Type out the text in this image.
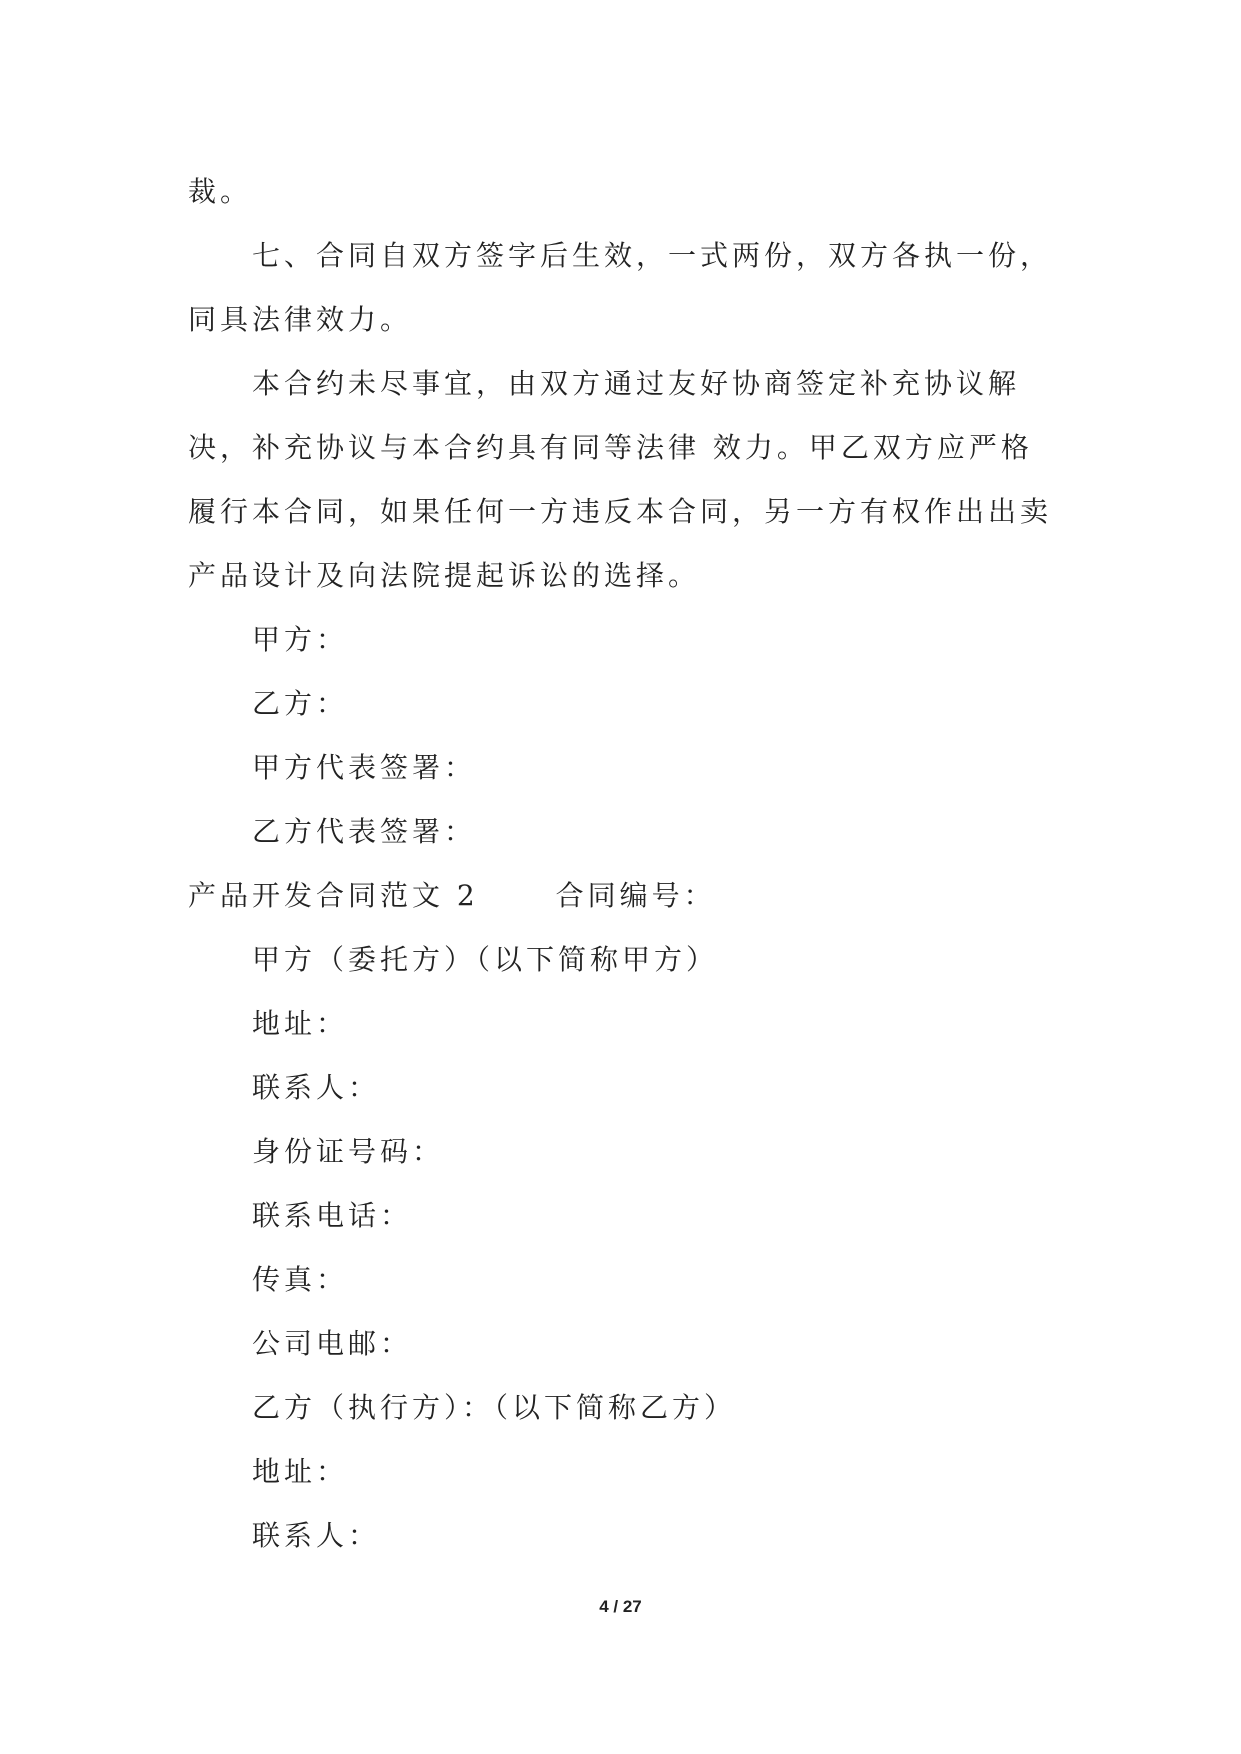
裁。

七、合同自双方签字后生效，一式两份，双方各执一份，同具法律效力。

本合约未尽事宜，由双方通过友好协商签定补充协议解决，补充协议与本合约具有同等法律 效力。甲乙双方应严格履行本合同，如果任何一方违反本合同，另一方有权作出出卖产品设计及向法院提起诉讼的选择。

甲方：

乙方：

甲方代表签署：

乙方代表签署：

产品开发合同范文 2　　 合同编号：

甲方（委托方）（以下简称甲方）

地址：

联系人：

身份证号码：

联系电话：

传真：

公司电邮：

乙方（执行方）：（以下简称乙方）

地址：

联系人：

4 / 27
